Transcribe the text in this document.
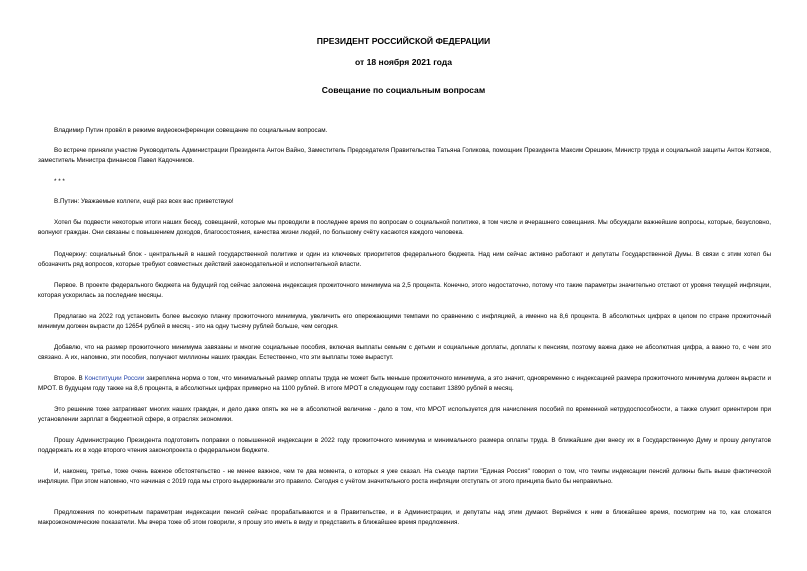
ПРЕЗИДЕНТ РОССИЙСКОЙ ФЕДЕРАЦИИ
от 18 ноября 2021 года
Совещание по социальным вопросам
Владимир Путин провёл в режиме видеоконференции совещание по социальным вопросам.
Во встрече приняли участие Руководитель Администрации Президента Антон Вайно, Заместитель Председателя Правительства Татьяна Голикова, помощник Президента Максим Орешкин, Министр труда и социальной защиты Антон Котяков, заместитель Министра финансов Павел Кадочников.
* * *
В.Путин: Уважаемые коллеги, ещё раз всех вас приветствую!
Хотел бы подвести некоторые итоги наших бесед, совещаний, которые мы проводили в последнее время по вопросам о социальной политике, в том числе и вчерашнего совещания. Мы обсуждали важнейшие вопросы, которые, безусловно, волнуют граждан. Они связаны с повышением доходов, благосостояния, качества жизни людей, по большому счёту касаются каждого человека.
Подчеркну: социальный блок - центральный в нашей государственной политике и один из ключевых приоритетов федерального бюджета. Над ним сейчас активно работают и депутаты Государственной Думы. В связи с этим хотел бы обозначить ряд вопросов, которые требуют совместных действий законодательной и исполнительной власти.
Первое. В проекте федерального бюджета на будущий год сейчас заложена индексация прожиточного минимума на 2,5 процента. Конечно, этого недостаточно, потому что такие параметры значительно отстают от уровня текущей инфляции, которая ускорилась за последние месяцы.
Предлагаю на 2022 год установить более высокую планку прожиточного минимума, увеличить его опережающими темпами по сравнению с инфляцией, а именно на 8,6 процента. В абсолютных цифрах в целом по стране прожиточный минимум должен вырасти до 12654 рублей в месяц - это на одну тысячу рублей больше, чем сегодня.
Добавлю, что на размер прожиточного минимума завязаны и многие социальные пособия, включая выплаты семьям с детьми и социальные доплаты, доплаты к пенсиям, поэтому важна даже не абсолютная цифра, а важно то, с чем это связано. А их, напомню, эти пособия, получают миллионы наших граждан. Естественно, что эти выплаты тоже вырастут.
Второе. В Конституции России закреплена норма о том, что минимальный размер оплаты труда не может быть меньше прожиточного минимума, а это значит, одновременно с индексацией размера прожиточного минимума должен вырасти и МРОТ. В будущем году также на 8,6 процента, в абсолютных цифрах примерно на 1100 рублей. В итоге МРОТ в следующем году составит 13890 рублей в месяц.
Это решение тоже затрагивает многих наших граждан, и дело даже опять же не в абсолютной величине - дело в том, что МРОТ используется для начисления пособий по временной нетрудоспособности, а также служит ориентиром при установлении зарплат в бюджетной сфере, в отраслях экономики.
Прошу Администрацию Президента подготовить поправки о повышенной индексации в 2022 году прожиточного минимума и минимального размера оплаты труда. В ближайшие дни внесу их в Государственную Думу и прошу депутатов поддержать их в ходе второго чтения законопроекта о федеральном бюджете.
И, наконец, третье, тоже очень важное обстоятельство - не менее важное, чем те два момента, о которых я уже сказал. На съезде партии "Единая Россия" говорил о том, что темпы индексации пенсий должны быть выше фактической инфляции. При этом напомню, что начиная с 2019 года мы строго выдерживали это правило. Сегодня с учётом значительного роста инфляции отступать от этого принципа было бы неправильно.
Предложения по конкретным параметрам индексации пенсий сейчас прорабатываются и в Правительстве, и в Администрации, и депутаты над этим думают. Вернёмся к ним в ближайшее время, посмотрим на то, как сложатся макроэкономические показатели. Мы вчера тоже об этом говорили, я прошу это иметь в виду и представить в ближайшее время предложения.
